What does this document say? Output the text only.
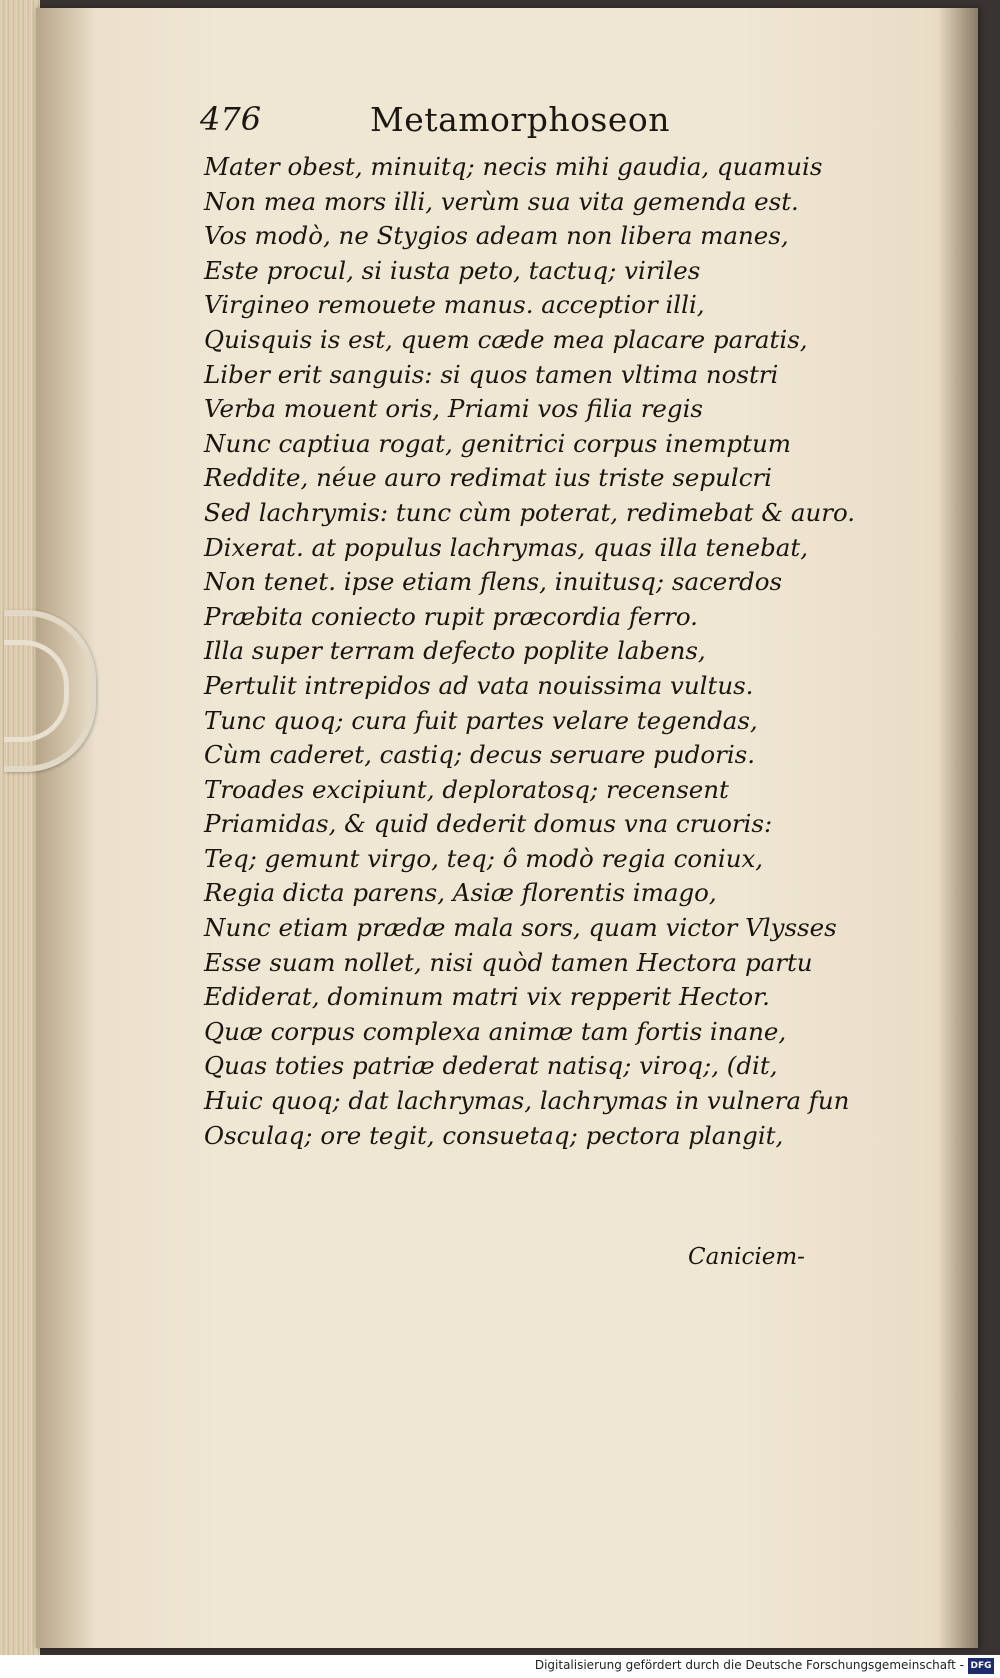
476	Metamorphoseon
Mater obest, minuitq; necis mihi gaudia, quamuis
Non mea mors illi, verùm sua vita gemenda est.
Vos modò, ne Stygios adeam non libera manes,
Este procul, si iusta peto, tactuq; viriles
Virgineo remouete manus. acceptior illi,
Quisquis is est, quem cæde mea placare paratis,
Liber erit sanguis: si quos tamen vltima nostri
Verba mouent oris, Priami vos filia regis
Nunc captiua rogat, genitrici corpus inemptum
Reddite, néue auro redimat ius triste sepulcri
Sed lachrymis: tunc cùm poterat, redimebat & auro.
Dixerat. at populus lachrymas, quas illa tenebat,
Non tenet. ipse etiam flens, inuitusq; sacerdos
Præbita coniecto rupit præcordia ferro.
Illa super terram defecto poplite labens,
Pertulit intrepidos ad vata nouissima vultus.
Tunc quoq; cura fuit partes velare tegendas,
Cùm caderet, castiq; decus seruare pudoris.
Troades excipiunt, deploratosq; recensent
Priamidas, & quid dederit domus vna cruoris:
Teq; gemunt virgo, teq; ô modò regia coniux,
Regia dicta parens, Asiæ florentis imago,
Nunc etiam prædæ mala sors, quam victor Vlysses
Esse suam nollet, nisi quòd tamen Hectora partu
Ediderat, dominum matri vix repperit Hector.
Quæ corpus complexa animæ tam fortis inane,
Quas toties patriæ dederat natisq; viroq;, (dit,
Huic quoq; dat lachrymas, lachrymas in vulnera fun
Osculaq; ore tegit, consuetaq; pectora plangit,
Caniciem-
Digitalisierung gefördert durch die Deutsche Forschungsgemeinschaft - DFG
